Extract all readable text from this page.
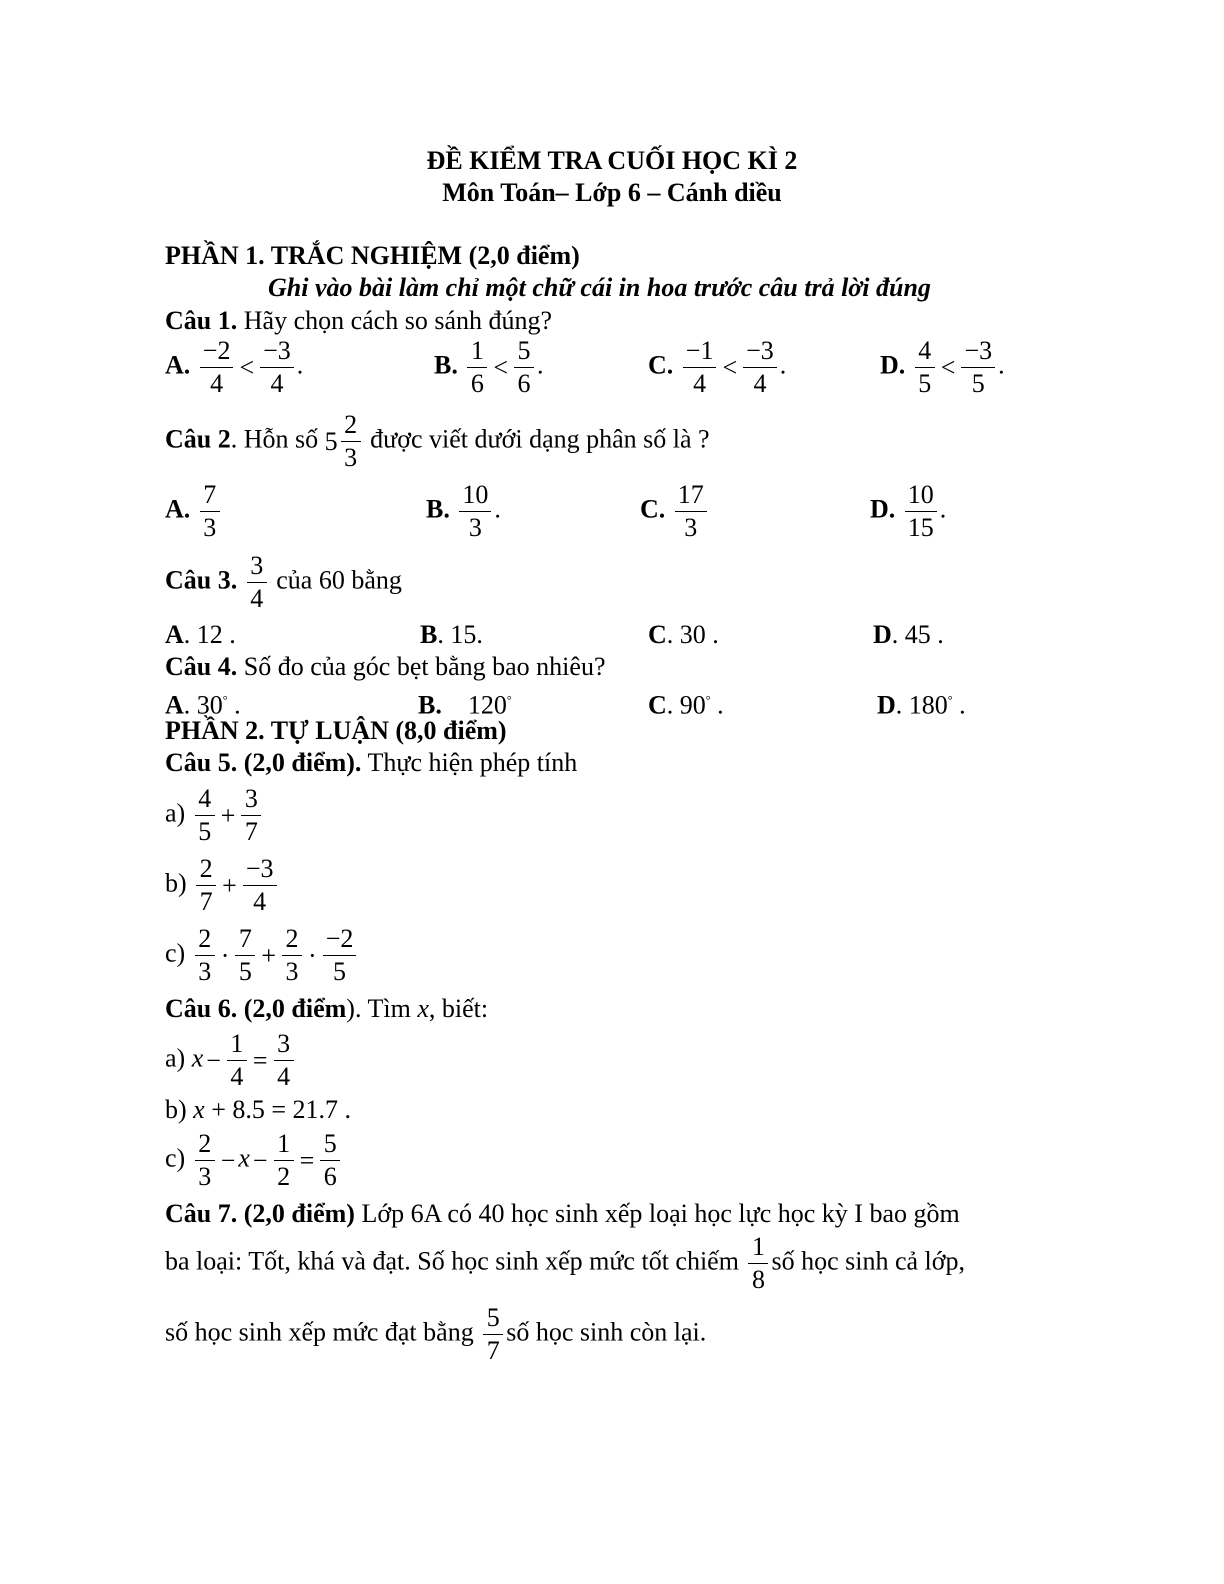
ĐỀ KIỂM TRA CUỐI HỌC KÌ 2
Môn Toán– Lớp 6 – Cánh diều
PHẦN 1. TRẮC NGHIỆM (2,0 điểm)
Ghi vào bài làm chỉ một chữ cái in hoa trước câu trả lời đúng
Câu 1. Hãy chọn cách so sánh đúng?
A. $\frac{-2}{4} < \frac{-3}{4}$ .	B. $\frac{1}{6} < \frac{5}{6}$ .	C. $\frac{-1}{4} < \frac{-3}{4}$ .	D. $\frac{4}{5} < \frac{-3}{5}$ .
Câu 2. Hỗn số $5 \frac{2}{3}$ được viết dưới dạng phân số là ?
A. $\frac{7}{3}$	B. $\frac{10}{3}$ .	C. $\frac{17}{3}$	D. $\frac{10}{15}$ .
Câu 3. $\frac{3}{4}$ của 60 bằng
A. 12 .	B. 15.	C. 30 .	D. 45 .
Câu 4. Số đo của góc bẹt bằng bao nhiêu?
A. 30° .	B. 120°	C. 90° .	D. 180° .
PHẦN 2. TỰ LUẬN (8,0 điểm)
Câu 5. (2,0 điểm). Thực hiện phép tính
$a) \frac{4}{5} + \frac{3}{7}$
$b) \frac{2}{7} + \frac{-3}{4}$
$c) \frac{2}{3} \cdot \frac{7}{5} + \frac{2}{3} \cdot \frac{-2}{5}$
Câu 6. (2,0 điểm). Tìm x, biết:
a) $x - \frac{1}{4} = \frac{3}{4}$
b) x + 8.5 = 21.7 .
$c) \frac{2}{3} - x - \frac{1}{2} = \frac{5}{6}$
Câu 7. (2,0 điểm) Lớp 6A có 40 học sinh xếp loại học lực học kỳ I bao gồm
ba loại: Tốt, khá và đạt. Số học sinh xếp mức tốt chiếm $\frac{1}{8}$ số học sinh cả lớp,
số học sinh xếp mức đạt bằng $\frac{5}{7}$ số học sinh còn lại.
